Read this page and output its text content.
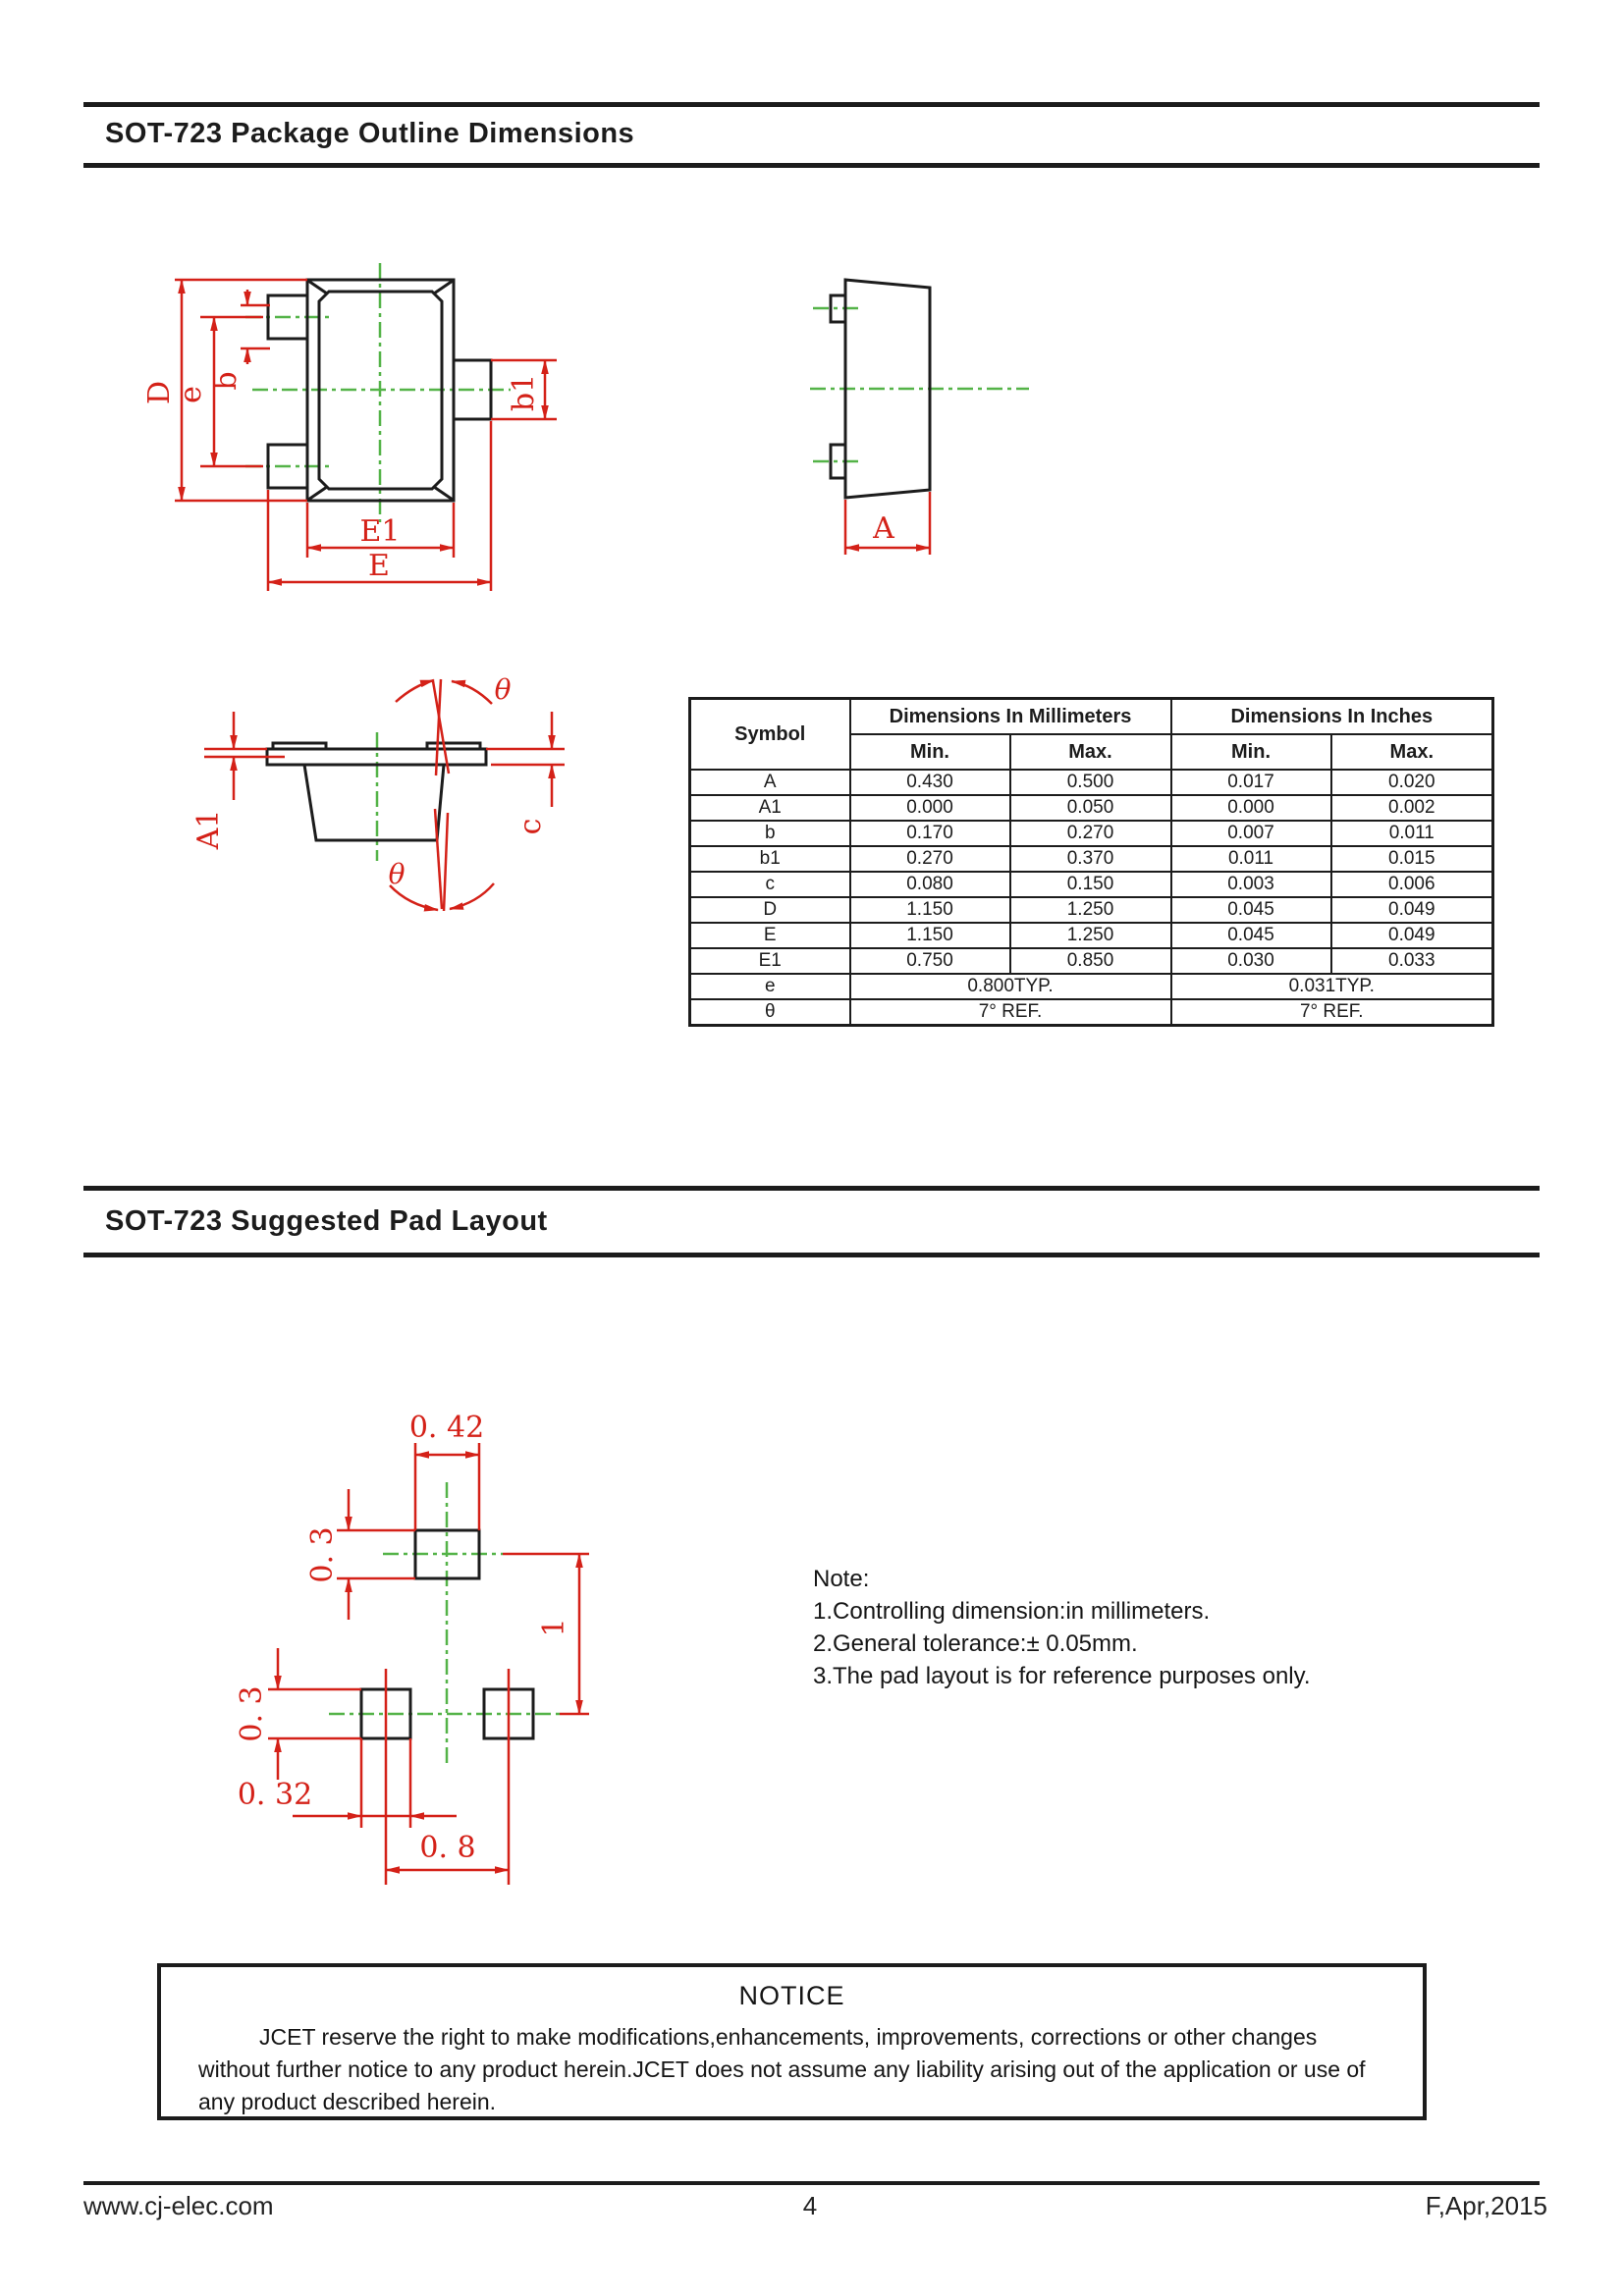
SOT-723 Package Outline Dimensions
D
e
b	b1
E1
E
A
A1	c
θ
θ
Symbol	Dimensions In Millimeters		Dimensions In Inches	
	Min.	Max.	Min.	Max.
A	0.430	0.500	0.017	0.020
A1	0.000	0.050	0.000	0.002
b	0.170	0.270	0.007	0.011
b1	0.270	0.370	0.011	0.015
c	0.080	0.150	0.003	0.006
D	1.150	1.250	0.045	0.049
E	1.150	1.250	0.045	0.049
E1	0.750	0.850	0.030	0.033
e	0.800TYP.		0.031TYP.	
θ	7° REF.		7° REF.	
SOT-723 Suggested Pad Layout
0. 42
0. 3
1
0. 3
0. 32
0. 8
Note:
1.Controlling dimension:in millimeters.
2.General tolerance:± 0.05mm.
3.The pad layout is for reference purposes only.
NOTICE
JCET reserve the right to make modifications,enhancements, improvements, corrections or other changes without further notice to any product herein.JCET does not assume any liability arising out of the application or use of any product described herein.
www.cj-elec.com	4	F,Apr,2015
